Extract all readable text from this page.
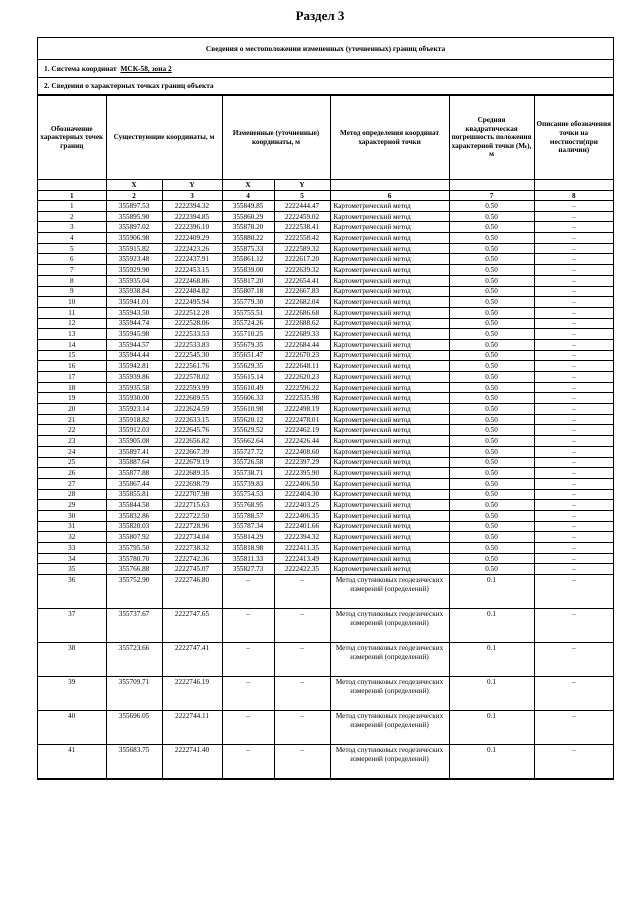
Раздел 3
Сведения о местоположении измененных (уточненных) границ объекта
1. Система координат МСК-58, зона 2
2. Сведения о характерных точках границ объекта
Обозначение характерных точек границ	Существующие координаты, м		Измененные (уточненные) координаты, м		Метод определения координат характерной точки	Средняя квадратическая погрешность положения характерной точки (Mₜ), м	Описание обозначения точки на местности(при наличии)
	X	Y	X	Y			
1	2	3	4	5	6	7	8
1	355897.53	2222394.32	355849.85	2222444.47	Картометрический метод	0.50	–
2	355895.90	2222394.85	355860.29	2222459.02	Картометрический метод	0.50	–
3	355897.02	2222396.10	355878.20	2222538.41	Картометрический метод	0.50	–
4	355906.98	2222409.29	355880.22	2222558.42	Картометрический метод	0.50	–
5	355915.82	2222423.26	355875.33	2222589.32	Картометрический метод	0.50	–
6	355923.48	2222437.91	355861.12	2222617.20	Картометрический метод	0.50	–
7	355929.90	2222453.15	355839.00	2222639.32	Картометрический метод	0.50	–
8	355935.04	2222468.86	355817.20	2222654.41	Картометрический метод	0.50	–
9	355938.84	2222484.82	355807.18	2222667.83	Картометрический метод	0.50	–
10	355941.01	2222495.94	355779.30	2222682.04	Картометрический метод	0.50	–
11	355943.50	2222512.28	355755.51	2222686.68	Картометрический метод	0.50	–
12	355944.74	2222528.06	355724.26	2222688.62	Картометрический метод	0.50	–
13	355945.98	2222533.53	355710.25	2222689.33	Картометрический метод	0.50	–
14	355944.57	2222533.83	355679.35	2222684.44	Картометрический метод	0.50	–
15	355944.44	2222545.30	355651.47	2222670.23	Картометрический метод	0.50	–
16	355942.81	2222561.76	355629.35	2222648.11	Картометрический метод	0.50	–
17	355939.86	2222578.02	355615.14	2222620.23	Картометрический метод	0.50	–
18	355935.58	2222593.99	355610.49	2222596.22	Картометрический метод	0.50	–
19	355930.00	2222609.55	355606.33	2222535.98	Картометрический метод	0.50	–
20	355923.14	2222624.59	355610.98	2222498.19	Картометрический метод	0.50	–
21	355918.82	2222633.15	355620.12	2222478.01	Картометрический метод	0.50	–
22	355912.03	2222645.76	355629.52	2222462.19	Картометрический метод	0.50	–
23	355905.08	2222656.82	355662.64	2222426.44	Картометрический метод	0.50	–
24	355897.41	2222667.39	355727.72	2222408.60	Картометрический метод	0.50	–
25	355887.64	2222679.19	355726.58	2222397.29	Картометрический метод	0.50	–
26	355877.88	2222689.35	355738.71	2222395.90	Картометрический метод	0.50	–
27	355867.44	2222698.79	355739.83	2222406.50	Картометрический метод	0.50	–
28	355855.81	2222707.98	355754.53	2222404.30	Картометрический метод	0.50	–
29	355844.58	2222715.63	355768.95	2222403.25	Картометрический метод	0.50	–
30	355832.86	2222722.50	355788.57	2222406.35	Картометрический метод	0.50	–
31	355820.03	2222728.96	355787.34	2222401.66	Картометрический метод	0.50	–
32	355807.92	2222734.04	355814.29	2222394.32	Картометрический метод	0.50	–
33	355795.50	2222738.32	355818.98	2222411.35	Картометрический метод	0.50	–
34	355780.70	2222742.36	355811.33	2222413.49	Картометрический метод	0.50	–
35	355766.88	2222745.07	355827.73	2222422.35	Картометрический метод	0.50	–
36	355752.90	2222746.80	–	–	Метод спутниковых геодезических измерений (определений)	0.1	–
37	355737.67	2222747.65	–	–	Метод спутниковых геодезических измерений (определений)	0.1	–
38	355723.66	2222747.41	–	–	Метод спутниковых геодезических измерений (определений)	0.1	–
39	355709.71	2222746.19	–	–	Метод спутниковых геодезических измерений (определений)	0.1	–
40	355696.05	2222744.11	–	–	Метод спутниковых геодезических измерений (определений)	0.1	–
41	355683.75	2222741.40	–	–	Метод спутниковых геодезических измерений (определений)	0.1	–
